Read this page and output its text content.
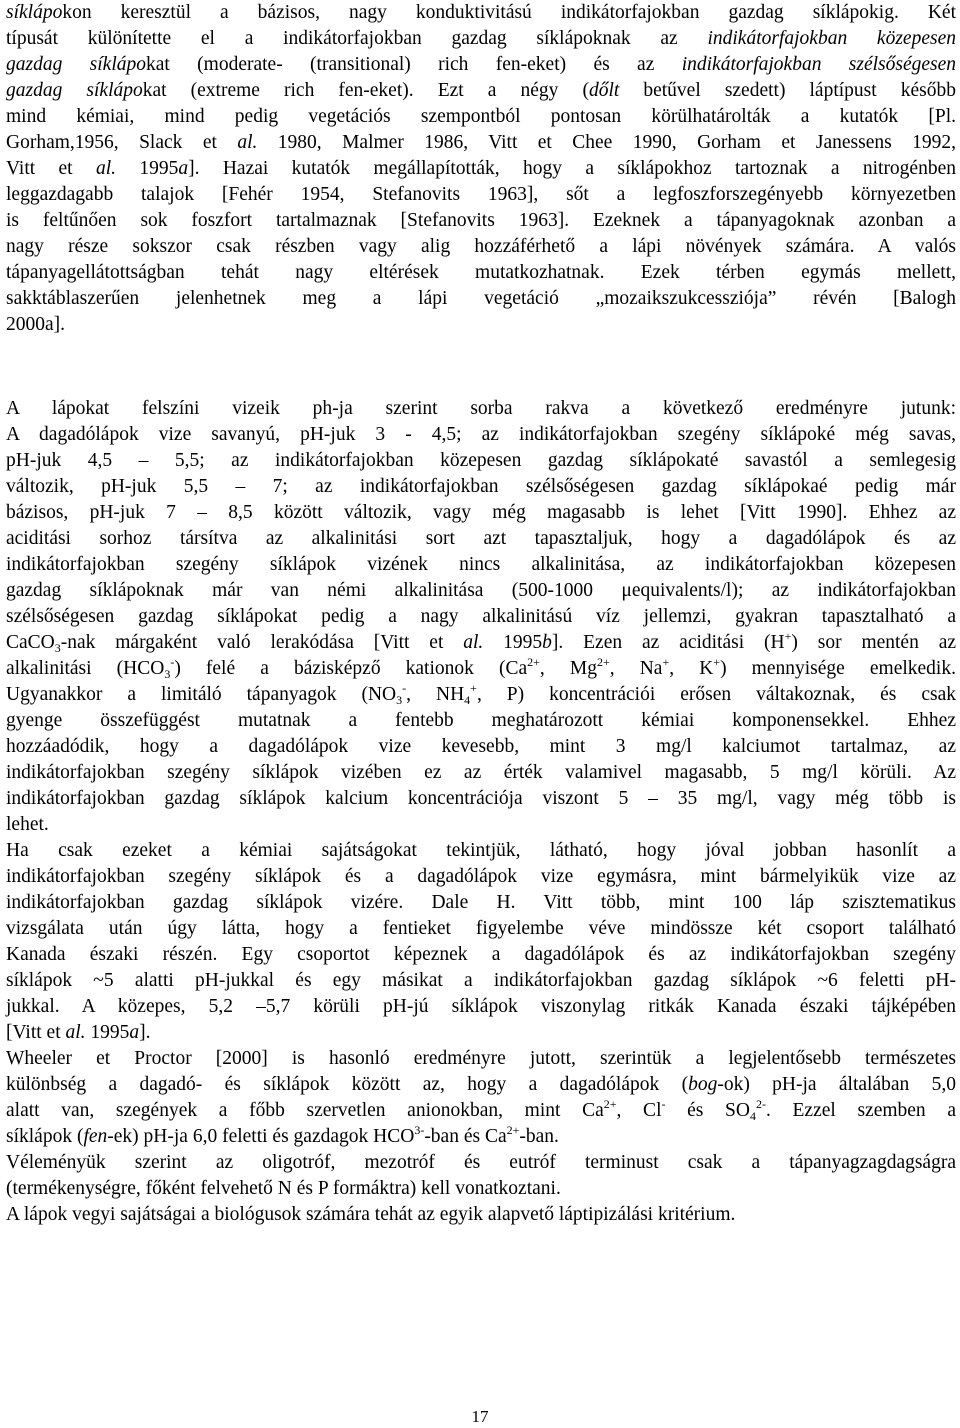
síklápokon keresztül a bázisos, nagy konduktivitású indikátorfajokban gazdag síklápokig. Két
típusát különítette el a indikátorfajokban gazdag síklápoknak az indikátorfajokban közepesen
gazdag síklápokat (moderate- (transitional) rich fen-eket) és az indikátorfajokban szélsőségesen
gazdag síklápokat (extreme rich fen-eket). Ezt a négy (dőlt betűvel szedett) láptípust később
mind kémiai, mind pedig vegetációs szempontból pontosan körülhatárolták a kutatók [Pl.
Gorham,1956, Slack et al. 1980, Malmer 1986, Vitt et Chee 1990, Gorham et Janessens 1992,
Vitt et al. 1995a]. Hazai kutatók megállapították, hogy a síklápokhoz tartoznak a nitrogénben
leggazdagabb talajok [Fehér 1954, Stefanovits 1963], sőt a legfoszforszegényebb környezetben
is feltűnően sok foszfort tartalmaznak [Stefanovits 1963]. Ezeknek a tápanyagoknak azonban a
nagy része sokszor csak részben vagy alig hozzáférhető a lápi növények számára. A valós
tápanyagellátottságban tehát nagy eltérések mutatkozhatnak. Ezek térben egymás mellett,
sakktáblaszerűen jelenhetnek meg a lápi vegetáció „mozaikszukcessziója” révén [Balogh
2000a].
A lápokat felszíni vizeik ph-ja szerint sorba rakva a következő eredményre jutunk:
A dagadólápok vize savanyú, pH-juk 3 - 4,5; az indikátorfajokban szegény síklápoké még savas,
pH-juk 4,5 – 5,5; az indikátorfajokban közepesen gazdag síklápokaté savastól a semlegesig
változik, pH-juk 5,5 – 7; az indikátorfajokban szélsőségesen gazdag síklápokaé pedig már
bázisos, pH-juk 7 – 8,5 között változik, vagy még magasabb is lehet [Vitt 1990]. Ehhez az
aciditási sorhoz társítva az alkalinitási sort azt tapasztaljuk, hogy a dagadólápok és az
indikátorfajokban szegény síklápok vizének nincs alkalinitása, az indikátorfajokban közepesen
gazdag síklápoknak már van némi alkalinitása (500-1000 μequivalents/l); az indikátorfajokban
szélsőségesen gazdag síklápokat pedig a nagy alkalinitású víz jellemzi, gyakran tapasztalható a
CaCO$_3$-nak márgaként való lerakódása [Vitt et al. 1995b]. Ezen az aciditási (H+) sor mentén az
alkalinitási $(HCO_3^-)$ felé a bázisképző kationok ($Ca^{2+}$, $Mg^{2+}$, Na+, K+) mennyisége emelkedik.
Ugyanakkor a limitáló tápanyagok ($NO_3^-$, $NH_4^+$, P) koncentrációi erősen váltakoznak, és csak
gyenge összefüggést mutatnak a fentebb meghatározott kémiai komponensekkel. Ehhez
hozzáadódik, hogy a dagadólápok vize kevesebb, mint 3 mg/l kalciumot tartalmaz, az
indikátorfajokban szegény síklápok vizében ez az érték valamivel magasabb, 5 mg/l körüli. Az
indikátorfajokban gazdag síklápok kalcium koncentrációja viszont 5 – 35 mg/l, vagy még több is
lehet.
Ha csak ezeket a kémiai sajátságokat tekintjük, látható, hogy jóval jobban hasonlít a
indikátorfajokban szegény síklápok és a dagadólápok vize egymásra, mint bármelyikük vize az
indikátorfajokban gazdag síklápok vizére. Dale H. Vitt több, mint 100 láp szisztematikus
vizsgálata után úgy látta, hogy a fentieket figyelembe véve mindössze két csoport található
Kanada északi részén. Egy csoportot képeznek a dagadólápok és az indikátorfajokban szegény
síklápok ~5 alatti pH-jukkal és egy másikat a indikátorfajokban gazdag síklápok ~6 feletti pH-
jukkal. A közepes, 5,2 –5,7 körüli pH-jú síklápok viszonylag ritkák Kanada északi tájképében
[Vitt et al. 1995a].
Wheeler et Proctor [2000] is hasonló eredményre jutott, szerintük a legjelentősebb természetes
különbség a dagadó- és síklápok között az, hogy a dagadólápok (bog-ok) pH-ja általában 5,0
alatt van, szegények a főbb szervetlen anionokban, mint $Ca^{2+}$, Cl- és $SO_4^{2-}$. Ezzel szemben a
síklápok (fen-ek) pH-ja 6,0 feletti és gazdagok $HCO^{3-}$-ban és $Ca^{2+}$-ban.
Véleményük szerint az oligotróf, mezotróf és eutróf terminust csak a tápanyagzagdagságra
(termékenységre, főként felvehető N és P formáktra) kell vonatkoztani.
A lápok vegyi sajátságai a biológusok számára tehát az egyik alapvető láptipizálási kritérium.
17
